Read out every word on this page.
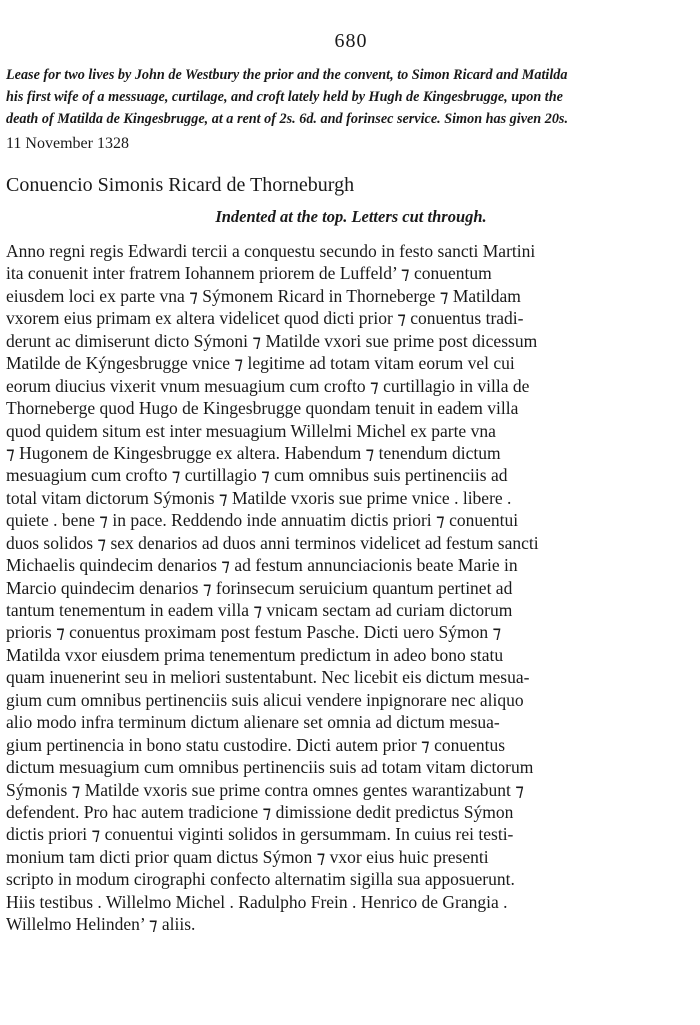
680
Lease for two lives by John de Westbury the prior and the convent, to Simon Ricard and Matilda
his first wife of a messuage, curtilage, and croft lately held by Hugh de Kingesbrugge, upon the
death of Matilda de Kingesbrugge, at a rent of 2s. 6d. and forinsec service. Simon has given 20s.
11 November 1328
Conuencio Simonis Ricard de Thorneburgh
Indented at the top. Letters cut through.
Anno regni regis Edwardi tercii a conquestu secundo in festo sancti Martini
ita conuenit inter fratrem Iohannem priorem de Luffeld’ ⁊ conuentum
eiusdem loci ex parte vna ⁊ Sýmonem Ricard in Thorneberge ⁊ Matildam
vxorem eius primam ex altera videlicet quod dicti prior ⁊ conuentus tradi-
derunt ac dimiserunt dicto Sýmoni ⁊ Matilde vxori sue prime post dicessum
Matilde de Kýngesbrugge vnice ⁊ legitime ad totam vitam eorum vel cui
eorum diucius vixerit vnum mesuagium cum crofto ⁊ curtillagio in villa de
Thorneberge quod Hugo de Kingesbrugge quondam tenuit in eadem villa
quod quidem situm est inter mesuagium Willelmi Michel ex parte vna
⁊ Hugonem de Kingesbrugge ex altera. Habendum ⁊ tenendum dictum
mesuagium cum crofto ⁊ curtillagio ⁊ cum omnibus suis pertinenciis ad
total vitam dictorum Sýmonis ⁊ Matilde vxoris sue prime vnice . libere .
quiete . bene ⁊ in pace. Reddendo inde annuatim dictis priori ⁊ conuentui
duos solidos ⁊ sex denarios ad duos anni terminos videlicet ad festum sancti
Michaelis quindecim denarios ⁊ ad festum annunciacionis beate Marie in
Marcio quindecim denarios ⁊ forinsecum seruicium quantum pertinet ad
tantum tenementum in eadem villa ⁊ vnicam sectam ad curiam dictorum
prioris ⁊ conuentus proximam post festum Pasche. Dicti uero Sýmon ⁊
Matilda vxor eiusdem prima tenementum predictum in adeo bono statu
quam inuenerint seu in meliori sustentabunt. Nec licebit eis dictum mesua-
gium cum omnibus pertinenciis suis alicui vendere inpignorare nec aliquo
alio modo infra terminum dictum alienare set omnia ad dictum mesua-
gium pertinencia in bono statu custodire. Dicti autem prior ⁊ conuentus
dictum mesuagium cum omnibus pertinenciis suis ad totam vitam dictorum
Sýmonis ⁊ Matilde vxoris sue prime contra omnes gentes warantizabunt ⁊
defendent. Pro hac autem tradicione ⁊ dimissione dedit predictus Sýmon
dictis priori ⁊ conuentui viginti solidos in gersummam. In cuius rei testi-
monium tam dicti prior quam dictus Sýmon ⁊ vxor eius huic presenti
scripto in modum cirographi confecto alternatim sigilla sua apposuerunt.
Hiis testibus . Willelmo Michel . Radulpho Frein . Henrico de Grangia .
Willelmo Helinden’ ⁊ aliis.
